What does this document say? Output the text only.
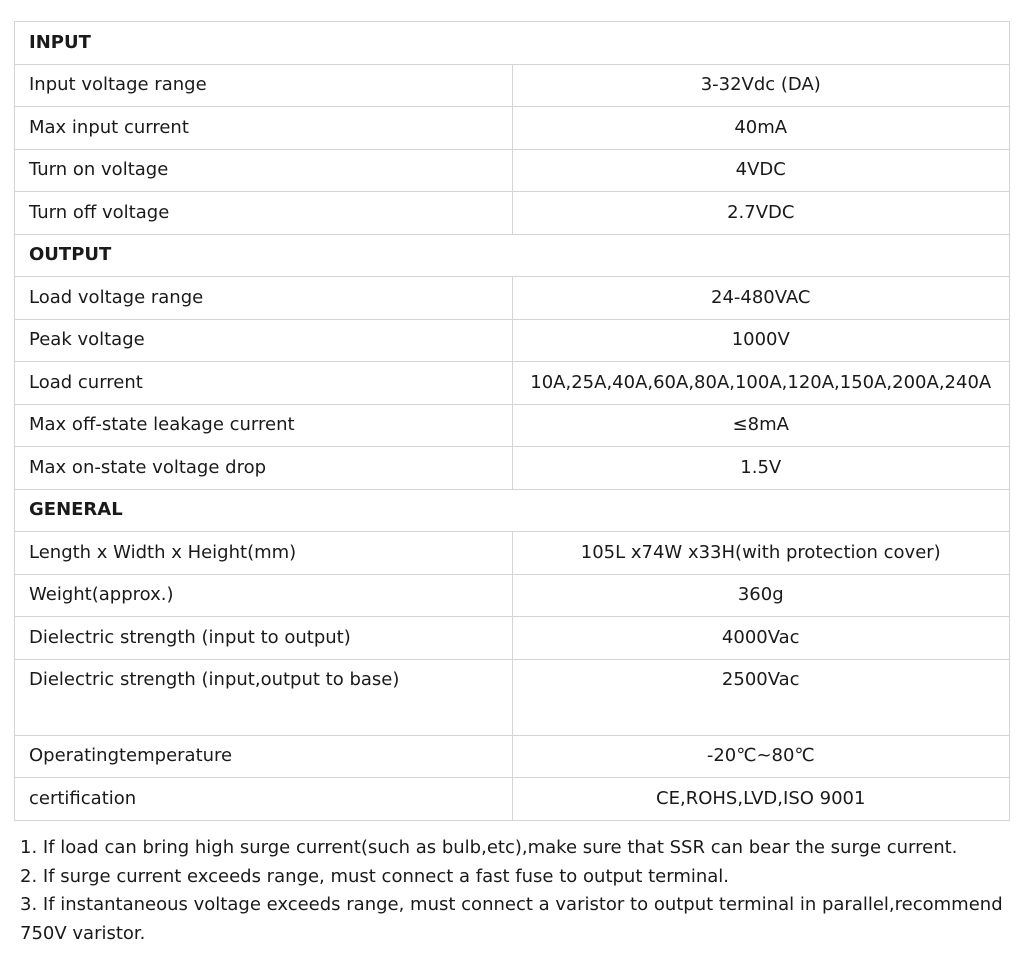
INPUT	
Input voltage range	3-32Vdc (DA)
Max input current	40mA
Turn on voltage	4VDC
Turn off voltage	2.7VDC
OUTPUT	
Load voltage range	24-480VAC
Peak voltage	1000V
Load current	10A,25A,40A,60A,80A,100A,120A,150A,200A,240A
Max off-state leakage current	≤8mA
Max on-state voltage drop	1.5V
GENERAL	
Length x Width x Height(mm)	105L x74W x33H(with protection cover)
Weight(approx.)	360g
Dielectric strength (input to output)	4000Vac
Dielectric strength (input,output to base)	2500Vac
Operatingtemperature	-20℃~80℃
certification	CE,ROHS,LVD,ISO 9001

1. If load can bring high surge current(such as bulb,etc),make sure that SSR can bear the surge current.

2. If surge current exceeds range, must connect a fast fuse to output terminal.

3. If instantaneous voltage exceeds range, must connect a varistor to output terminal in parallel,recommend 750V varistor.
